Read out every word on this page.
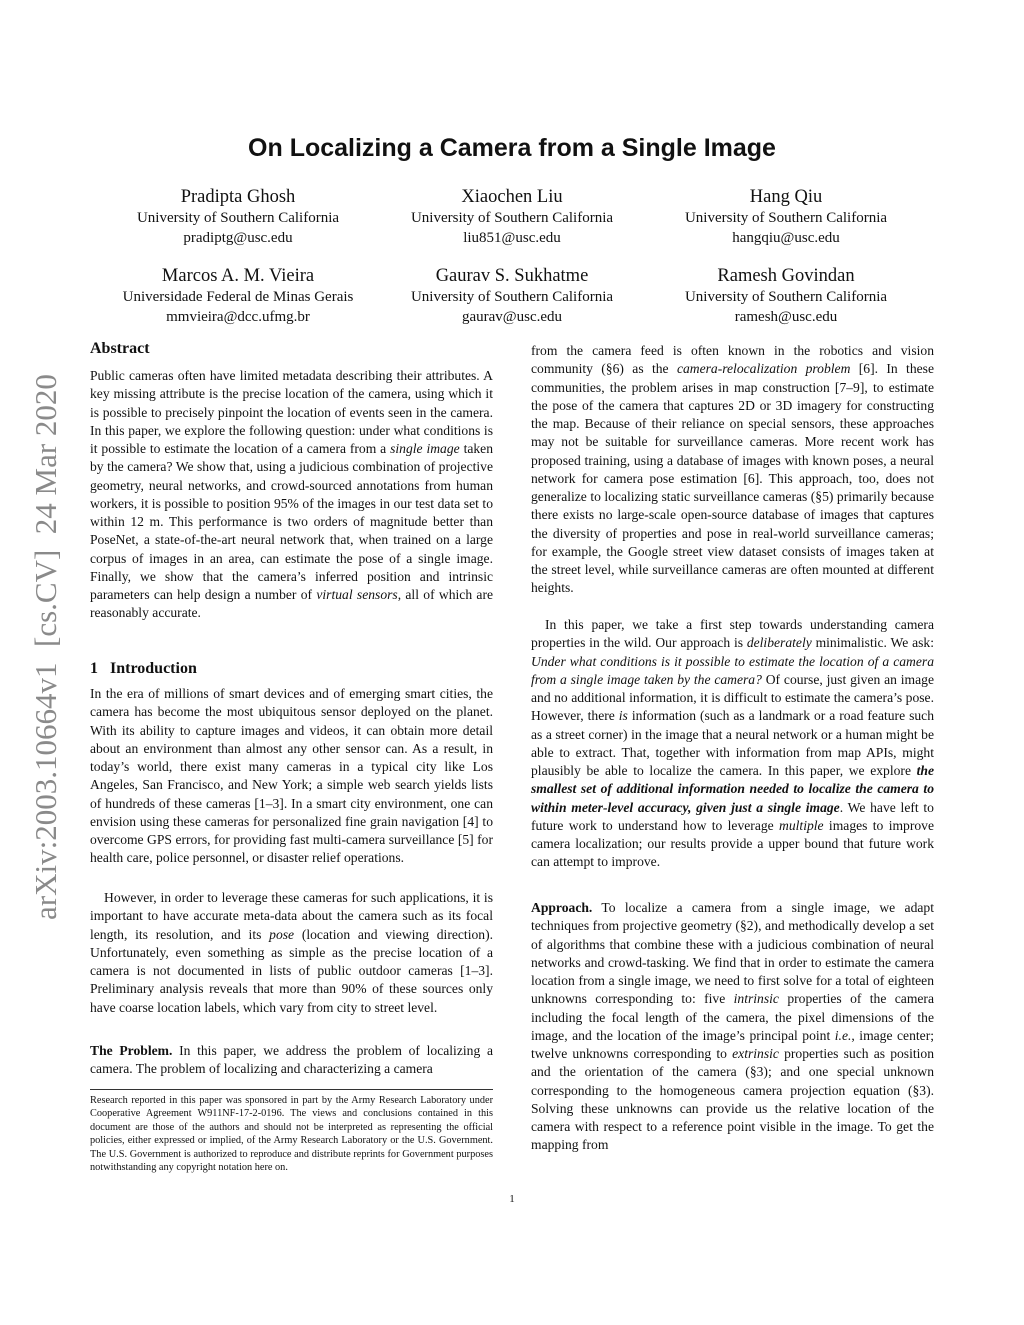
arXiv:2003.10664v1  [cs.CV]  24 Mar 2020
On Localizing a Camera from a Single Image
Pradipta Ghosh
University of Southern California
pradiptg@usc.edu
Xiaochen Liu
University of Southern California
liu851@usc.edu
Hang Qiu
University of Southern California
hangqiu@usc.edu
Marcos A. M. Vieira
Universidade Federal de Minas Gerais
mmvieira@dcc.ufmg.br
Gaurav S. Sukhatme
University of Southern California
gaurav@usc.edu
Ramesh Govindan
University of Southern California
ramesh@usc.edu
Abstract
Public cameras often have limited metadata describing their attributes. A key missing attribute is the precise location of the camera, using which it is possible to precisely pinpoint the location of events seen in the camera. In this paper, we explore the following question: under what conditions is it possible to estimate the location of a camera from a single image taken by the camera? We show that, using a judicious combination of projective geometry, neural networks, and crowd-sourced annotations from human workers, it is possible to position 95% of the images in our test data set to within 12 m. This performance is two orders of magnitude better than PoseNet, a state-of-the-art neural network that, when trained on a large corpus of images in an area, can estimate the pose of a single image. Finally, we show that the camera’s inferred position and intrinsic parameters can help design a number of virtual sensors, all of which are reasonably accurate.
1   Introduction
In the era of millions of smart devices and of emerging smart cities, the camera has become the most ubiquitous sensor deployed on the planet. With its ability to capture images and videos, it can obtain more detail about an environment than almost any other sensor can. As a result, in today’s world, there exist many cameras in a typical city like Los Angeles, San Francisco, and New York; a simple web search yields lists of hundreds of these cameras [1–3]. In a smart city environment, one can envision using these cameras for personalized fine grain navigation [4] to overcome GPS errors, for providing fast multi-camera surveillance [5] for health care, police personnel, or disaster relief operations.
However, in order to leverage these cameras for such applications, it is important to have accurate meta-data about the camera such as its focal length, its resolution, and its pose (location and viewing direction). Unfortunately, even something as simple as the precise location of a camera is not documented in lists of public outdoor cameras [1–3]. Preliminary analysis reveals that more than 90% of these sources only have coarse location labels, which vary from city to street level.
The Problem. In this paper, we address the problem of localizing a camera. The problem of localizing and characterizing a camera
Research reported in this paper was sponsored in part by the Army Research Laboratory under Cooperative Agreement W911NF-17-2-0196. The views and conclusions contained in this document are those of the authors and should not be interpreted as representing the official policies, either expressed or implied, of the Army Research Laboratory or the U.S. Government. The U.S. Government is authorized to reproduce and distribute reprints for Government purposes notwithstanding any copyright notation here on.
from the camera feed is often known in the robotics and vision community (§6) as the camera-relocalization problem [6]. In these communities, the problem arises in map construction [7–9], to estimate the pose of the camera that captures 2D or 3D imagery for constructing the map. Because of their reliance on special sensors, these approaches may not be suitable for surveillance cameras. More recent work has proposed training, using a database of images with known poses, a neural network for camera pose estimation [6]. This approach, too, does not generalize to localizing static surveillance cameras (§5) primarily because there exists no large-scale open-source database of images that captures the diversity of properties and pose in real-world surveillance cameras; for example, the Google street view dataset consists of images taken at the street level, while surveillance cameras are often mounted at different heights.
In this paper, we take a first step towards understanding camera properties in the wild. Our approach is deliberately minimalistic. We ask: Under what conditions is it possible to estimate the location of a camera from a single image taken by the camera? Of course, just given an image and no additional information, it is difficult to estimate the camera’s pose. However, there is information (such as a landmark or a road feature such as a street corner) in the image that a neural network or a human might be able to extract. That, together with information from map APIs, might plausibly be able to localize the camera. In this paper, we explore the smallest set of additional information needed to localize the camera to within meter-level accuracy, given just a single image. We have left to future work to understand how to leverage multiple images to improve camera localization; our results provide a upper bound that future work can attempt to improve.
Approach. To localize a camera from a single image, we adapt techniques from projective geometry (§2), and methodically develop a set of algorithms that combine these with a judicious combination of neural networks and crowd-tasking. We find that in order to estimate the camera location from a single image, we need to first solve for a total of eighteen unknowns corresponding to: five intrinsic properties of the camera including the focal length of the camera, the pixel dimensions of the image, and the location of the image’s principal point i.e., image center; twelve unknowns corresponding to extrinsic properties such as position and the orientation of the camera (§3); and one special unknown corresponding to the homogeneous camera projection equation (§3). Solving these unknowns can provide us the relative location of the camera with respect to a reference point visible in the image. To get the mapping from
1
